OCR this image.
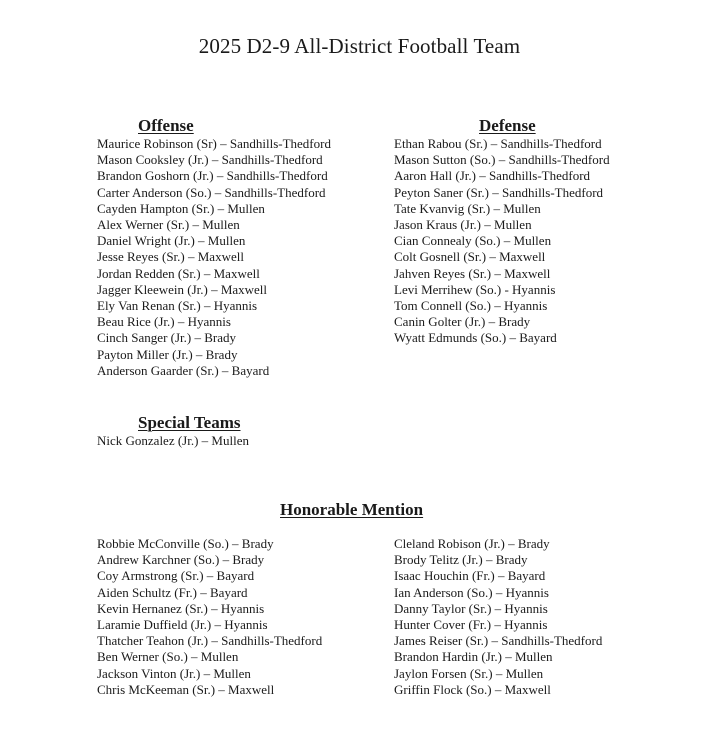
2025 D2-9 All-District Football Team
Offense
Maurice Robinson (Sr) – Sandhills-Thedford
Mason Cooksley (Jr.) – Sandhills-Thedford
Brandon Goshorn (Jr.) – Sandhills-Thedford
Carter Anderson (So.) – Sandhills-Thedford
Cayden Hampton (Sr.) – Mullen
Alex Werner (Sr.) – Mullen
Daniel Wright (Jr.) – Mullen
Jesse Reyes (Sr.) – Maxwell
Jordan Redden (Sr.) – Maxwell
Jagger Kleewein (Jr.) – Maxwell
Ely Van Renan (Sr.) – Hyannis
Beau Rice (Jr.) – Hyannis
Cinch Sanger (Jr.) – Brady
Payton Miller (Jr.) – Brady
Anderson Gaarder (Sr.) – Bayard
Defense
Ethan Rabou (Sr.) – Sandhills-Thedford
Mason Sutton (So.) – Sandhills-Thedford
Aaron Hall (Jr.) – Sandhills-Thedford
Peyton Saner (Sr.) – Sandhills-Thedford
Tate Kvanvig (Sr.) – Mullen
Jason Kraus (Jr.) – Mullen
Cian Connealy (So.) – Mullen
Colt Gosnell (Sr.) – Maxwell
Jahven Reyes (Sr.) – Maxwell
Levi Merrihew (So.) - Hyannis
Tom Connell (So.) – Hyannis
Canin Golter (Jr.) – Brady
Wyatt Edmunds (So.) – Bayard
Special Teams
Nick Gonzalez (Jr.) – Mullen
Honorable Mention
Robbie McConville (So.) – Brady
Andrew Karchner (So.) – Brady
Coy Armstrong (Sr.) – Bayard
Aiden Schultz (Fr.) – Bayard
Kevin Hernanez (Sr.) – Hyannis
Laramie Duffield (Jr.) – Hyannis
Thatcher Teahon (Jr.) – Sandhills-Thedford
Ben Werner (So.) – Mullen
Jackson Vinton (Jr.) – Mullen
Chris McKeeman (Sr.) – Maxwell
Cleland Robison (Jr.) – Brady
Brody Telitz (Jr.) – Brady
Isaac Houchin (Fr.) – Bayard
Ian Anderson (So.) – Hyannis
Danny Taylor (Sr.) – Hyannis
Hunter Cover (Fr.) – Hyannis
James Reiser (Sr.) – Sandhills-Thedford
Brandon Hardin (Jr.) – Mullen
Jaylon Forsen (Sr.) – Mullen
Griffin Flock (So.) – Maxwell
